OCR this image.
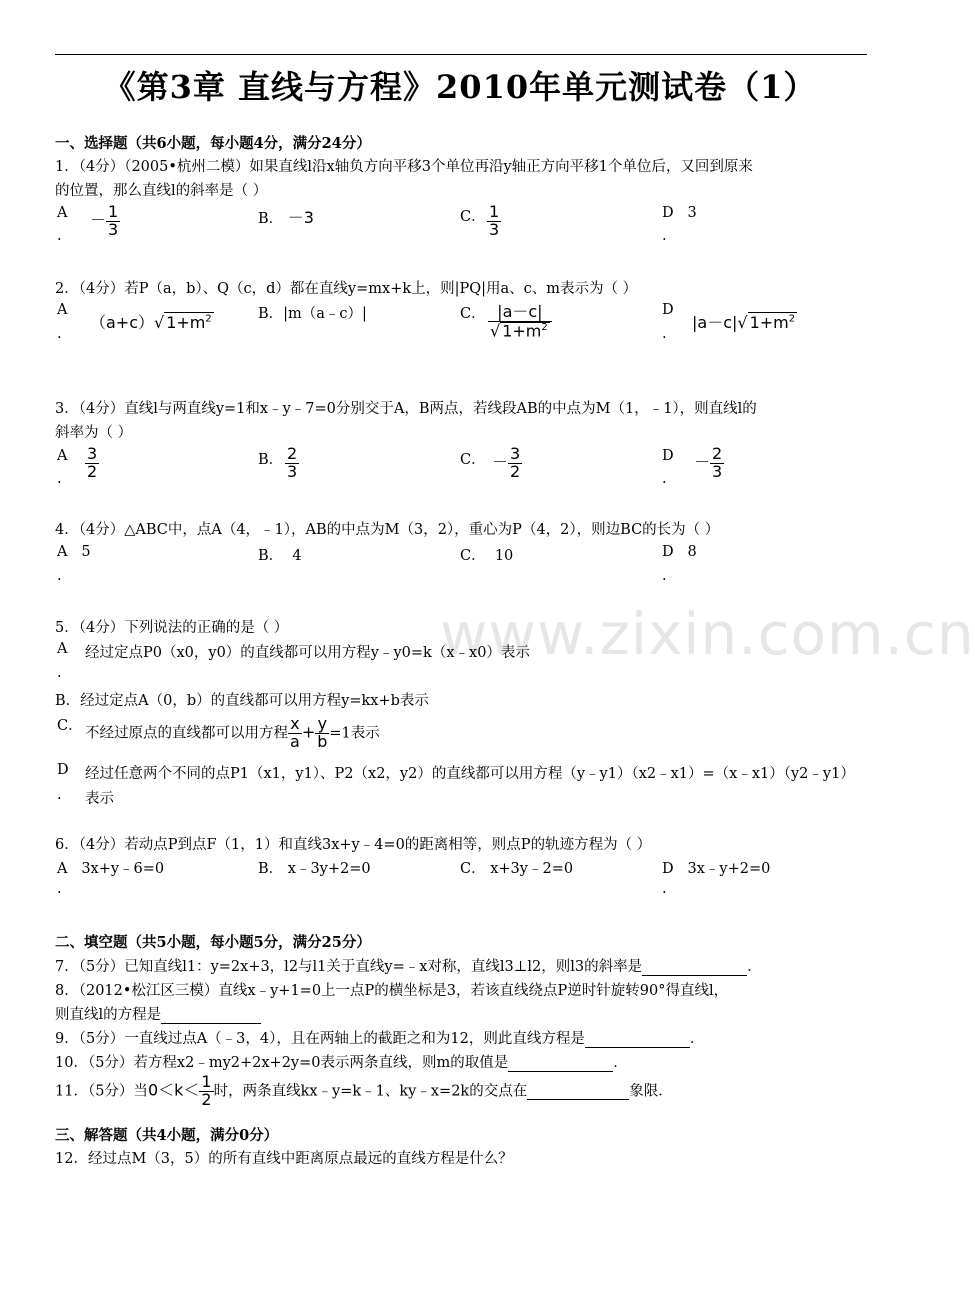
www.zixin.com.cn
《第3章 直线与方程》2010年单元测试卷（1）
一、选择题（共6小题，每小题4分，满分24分）
1．（4分）（2005•杭州二模）如果直线l沿x轴负方向平移3个单位再沿y轴正方向平移1个单位后，又回到原来
的位置，那么直线l的斜率是（ ）
A
.
－ $\frac{1}{3}$	B． －3	C． $\frac{1}{3}$	D 3
.
2．（4分）若P（a，b）、Q（c，d）都在直线y=mx+k上，则|PQ|用a、c、m表示为（ ）
A
.
（a+c）√ $1+m^2$	B．|m（a﹣c）|	C． $\frac{|a-c|}{√ 1+m^2}$	D
.
|a－c|√ $1+m^2$
3．（4分）直线l与两直线y=1和x﹣y﹣7=0分别交于A，B两点，若线段AB的中点为M（1，﹣1），则直线l的
斜率为（ ）
A
. $\frac{3}{2}$	B． $\frac{2}{3}$	C． － $\frac{3}{2}$	D
.
－ $\frac{2}{3}$
4．（4分）△ABC中，点A（4，﹣1），AB的中点为M（3，2），重心为P（4，2），则边BC的长为（ ）
A 5
.
B． 4	C． 10	D 8
.
5．（4分）下列说法的正确的是（ ）
A
.
经过定点P0（x0，y0）的直线都可以用方程y﹣y0=k（x﹣x0）表示
B．经过定点A（0，b）的直线都可以用方程y=kx+b表示
C． 不经过原点的直线都可以用方程 $\frac{x}{a} + \frac{y}{b} =1$表示
D
.
经过任意两个不同的点P1（x1，y1）、P2（x2，y2）的直线都可以用方程（y﹣y1）（x2﹣x1）=（x﹣x1）（y2﹣y1）
表示
6．（4分）若动点P到点F（1，1）和直线3x+y﹣4=0的距离相等，则点P的轨迹方程为（ ）
A 3x+y﹣6=0
.
B． x﹣3y+2=0	C． x+3y﹣2=0	D 3x﹣y+2=0
.
二、填空题（共5小题，每小题5分，满分25分）
7．（5分）已知直线l1：y=2x+3，l2与l1关于直线y=﹣x对称，直线l3⊥l2，则l3的斜率是	．
8．（2012•松江区三模）直线x﹣y+1=0上一点P的横坐标是3，若该直线绕点P逆时针旋转90°得直线l，
则直线l的方程是
9．（5分）一直线过点A（﹣3，4），且在两轴上的截距之和为12，则此直线方程是	．
10．（5分）若方程x2﹣my2+2x+2y=0表示两条直线，则m的取值是	．
11．（5分）当$0<k< \frac{1}{2}$ 时，两条直线kx﹣y=k﹣1、ky﹣x=2k的交点在	象限．
三、解答题（共4小题，满分0分）
12．经过点M（3，5）的所有直线中距离原点最远的直线方程是什么？
